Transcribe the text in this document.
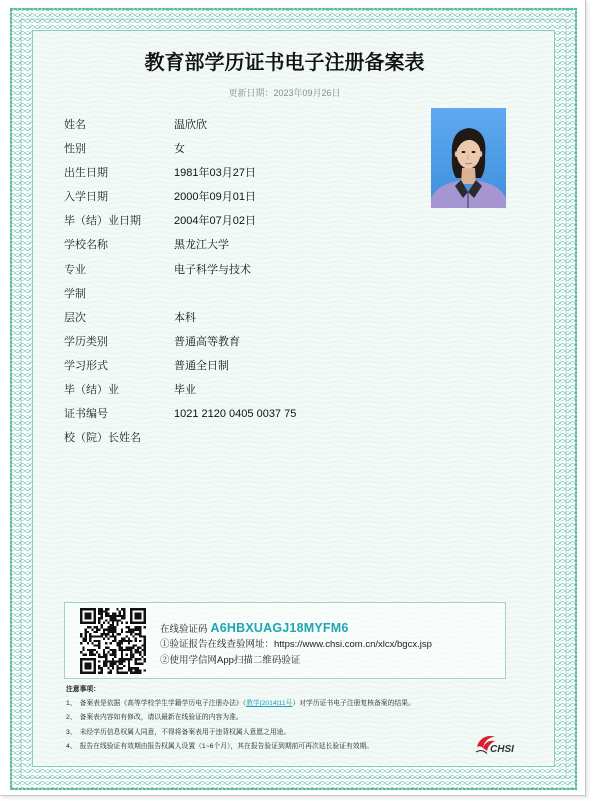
教育部学历证书电子注册备案表
更新日期：2023年09月26日
姓名	温欣欣
性别	女
出生日期	1981年03月27日
入学日期	2000年09月01日
毕（结）业日期	2004年07月02日
学校名称	黑龙江大学
专业	电子科学与技术
学制
层次	本科
学历类别	普通高等教育
学习形式	普通全日制
毕（结）业	毕业
证书编号	1021 2120 0405 0037 75
校（院）长姓名
在线验证码 A6HBXUAGJ18MYFM6
①验证报告在线查验网址：https://www.chsi.com.cn/xlcx/bgcx.jsp
②使用学信网App扫描二维码验证
注意事项：
1、 备案表是依据《高等学校学生学籍学历电子注册办法》（教学[2014]11号）对学历证书电子注册复核备案的结果。
2、 备案表内容如有修改，请以最新在线验证的内容为准。
3、 未经学历信息权属人同意，不得将备案表用于违背权属人意愿之用途。
4、 报告在线验证有效期由报告权属人设置（1~6个月），其在报告验证到期前可再次延长验证有效期。	CHSI
